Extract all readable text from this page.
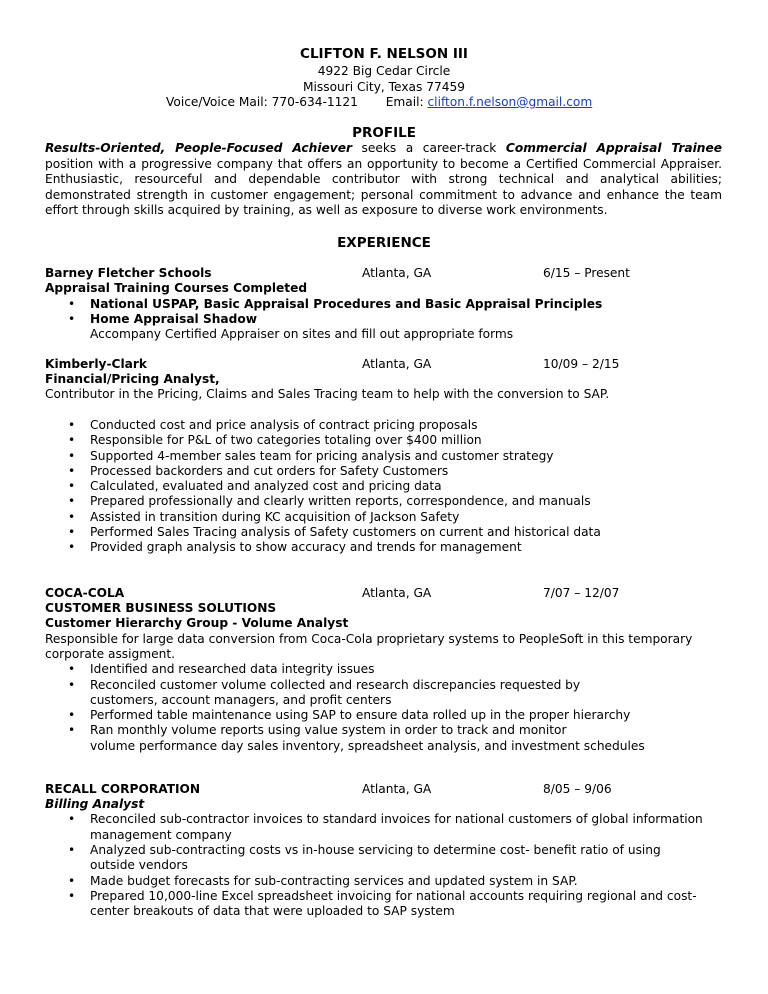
CLIFTON F. NELSON III
4922 Big Cedar Circle
Missouri City, Texas 77459
Voice/Voice Mail: 770-634-1121 Email: clifton.f.nelson@gmail.com
PROFILE
Results-Oriented, People-Focused Achiever seeks a career-track Commercial Appraisal Trainee position with a progressive company that offers an opportunity to become a Certified Commercial Appraiser. Enthusiastic, resourceful and dependable contributor with strong technical and analytical abilities; demonstrated strength in customer engagement; personal commitment to advance and enhance the team effort through skills acquired by training, as well as exposure to diverse work environments.
EXPERIENCE
Barney Fletcher Schools	Atlanta, GA	6/15 – Present
Appraisal Training Courses Completed
• National USPAP, Basic Appraisal Procedures and Basic Appraisal Principles
• Home Appraisal Shadow
Accompany Certified Appraiser on sites and fill out appropriate forms
Kimberly-Clark	Atlanta, GA	10/09 – 2/15
Financial/Pricing Analyst,
Contributor in the Pricing, Claims and Sales Tracing team to help with the conversion to SAP.
• Conducted cost and price analysis of contract pricing proposals
• Responsible for P&L of two categories totaling over $400 million
• Supported 4-member sales team for pricing analysis and customer strategy
• Processed backorders and cut orders for Safety Customers
• Calculated, evaluated and analyzed cost and pricing data
• Prepared professionally and clearly written reports, correspondence, and manuals
• Assisted in transition during KC acquisition of Jackson Safety
• Performed Sales Tracing analysis of Safety customers on current and historical data
• Provided graph analysis to show accuracy and trends for management
COCA-COLA	Atlanta, GA	7/07 – 12/07
CUSTOMER BUSINESS SOLUTIONS
Customer Hierarchy Group - Volume Analyst
Responsible for large data conversion from Coca-Cola proprietary systems to PeopleSoft in this temporary
corporate assigment.
• Identified and researched data integrity issues
• Reconciled customer volume collected and research discrepancies requested by
customers, account managers, and profit centers
• Performed table maintenance using SAP to ensure data rolled up in the proper hierarchy
• Ran monthly volume reports using value system in order to track and monitor
volume performance day sales inventory, spreadsheet analysis, and investment schedules
RECALL CORPORATION	Atlanta, GA	8/05 – 9/06
Billing Analyst
• Reconciled sub-contractor invoices to standard invoices for national customers of global information
management company
• Analyzed sub-contracting costs vs in-house servicing to determine cost- benefit ratio of using
outside vendors
• Made budget forecasts for sub-contracting services and updated system in SAP.
• Prepared 10,000-line Excel spreadsheet invoicing for national accounts requiring regional and cost-
center breakouts of data that were uploaded to SAP system
